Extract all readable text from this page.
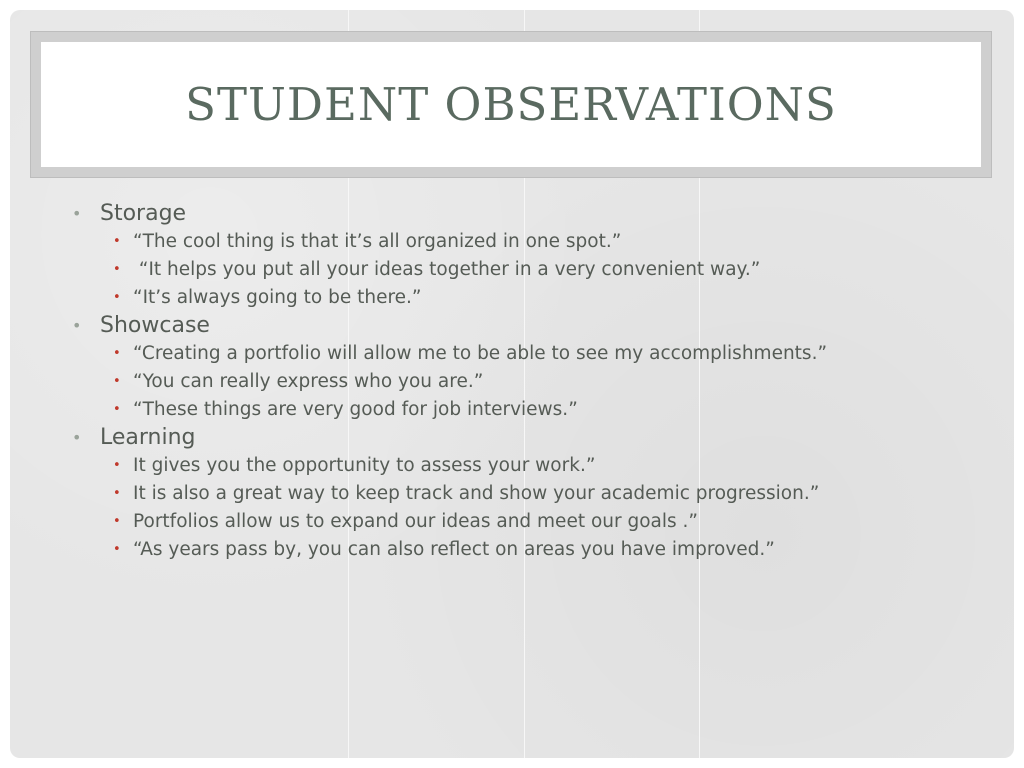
STUDENT OBSERVATIONS
• Storage
• “The cool thing is that it’s all organized in one spot.”
• “It helps you put all your ideas together in a very convenient way.”
• “It’s always going to be there.”
• Showcase
• “Creating a portfolio will allow me to be able to see my accomplishments.”
• “You can really express who you are.”
• “These things are very good for job interviews.”
• Learning
• It gives you the opportunity to assess your work.”
• It is also a great way to keep track and show your academic progression.”
• Portfolios allow us to expand our ideas and meet our goals .”
• “As years pass by, you can also reflect on areas you have improved.”
